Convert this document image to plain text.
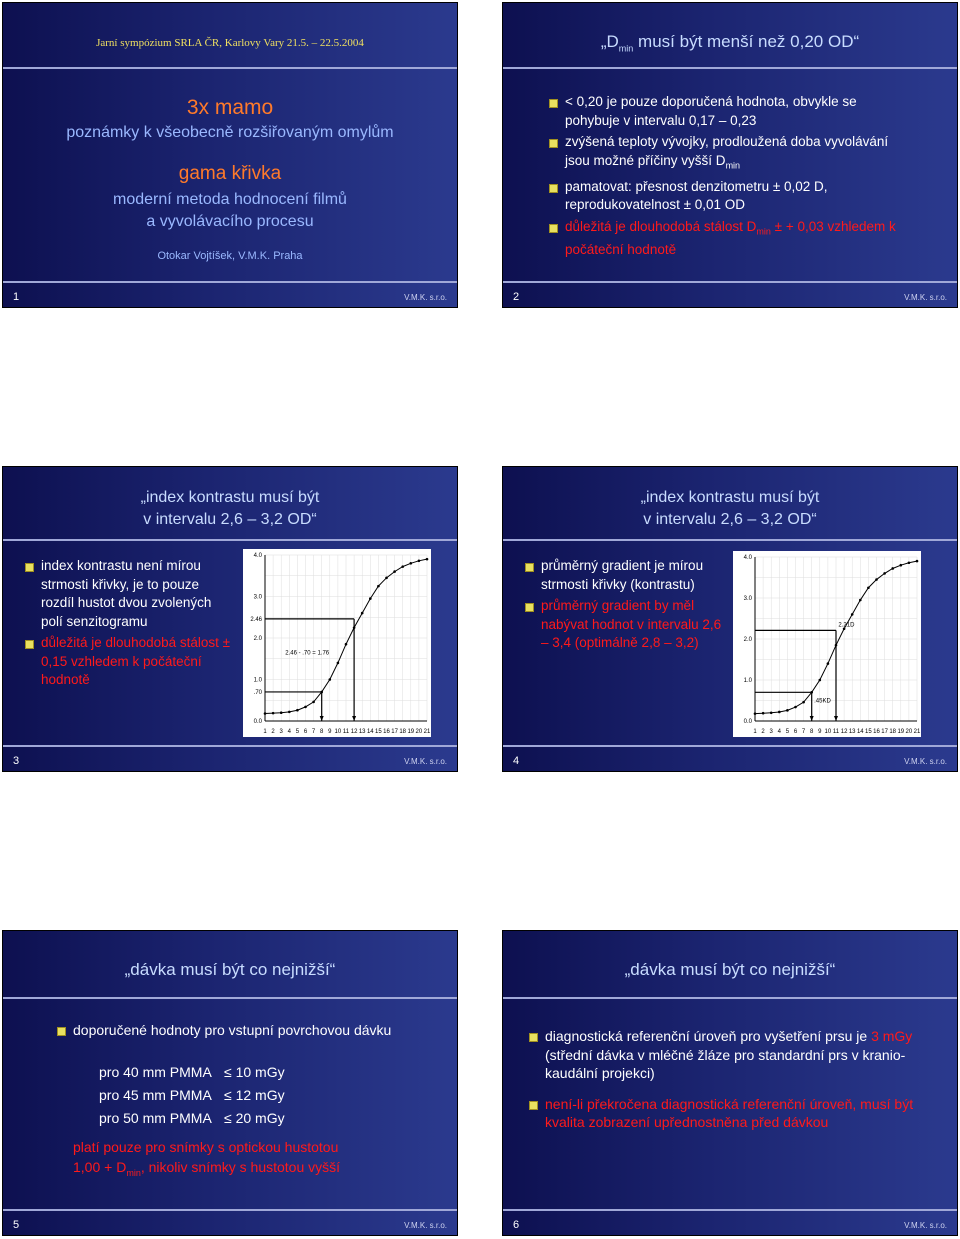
Jarní sympózium SRLA ČR, Karlovy Vary 21.5. – 22.5.2004
3x mamo
poznámky k všeobecně rozšiřovaným omylům
gama křivka
moderní metoda hodnocení filmů
a vyvolávacího procesu
Otokar Vojtíšek, V.M.K. Praha
1	V.M.K. s.r.o.
$„D_{min}$ musí být menší než 0,20 OD“
< 0,20 je pouze doporučená hodnota, obvykle se pohybuje v intervalu 0,17 – 0,23
zvýšená teploty vývojky, prodloužená doba vyvolávání jsou možné příčiny vyšší $D_{min}$
pamatovat: přesnost denzitometru ± 0,02 D, reprodukovatelnost ± 0,01 OD
důležitá je dlouhodobá stálost $D_{min}$ ± + 0,03 vzhledem k počáteční hodnotě
2	V.M.K. s.r.o.
„index kontrastu musí být
v intervalu 2,6 – 3,2 OD“
index kontrastu není mírou strmosti křivky, je to pouze rozdíl hustot dvou zvolených polí senzitogramu
důležitá je dlouhodobá stálost ± 0,15 vzhledem k počáteční hodnotě
1 2 3 4 5 6 7 8 9 10 11 12 13 14 15 16 17 18 19 20 21
0.0
1.0
2.0
3.0
4.0
.70
2.46
2.46 - .70 = 1.76
3	V.M.K. s.r.o.
„index kontrastu musí být
v intervalu 2,6 – 3,2 OD“
průměrný gradient je mírou strmosti křivky (kontrastu)
průměrný gradient by měl nabývat hodnot v intervalu 2,6 – 3,4 (optimálně 2,8 – 3,2)
1 2 3 4 5 6 7 8 9 10 11 12 13 14 15 16 17 18 19 20 21
0.0
1.0
2.0
3.0
4.0
2.21D
.45KD
4	V.M.K. s.r.o.
„dávka musí být co nejnižší“
doporučené hodnoty pro vstupní povrchovou dávku
pro 40 mm PMMA ≤ 10 mGy
pro 45 mm PMMA ≤ 12 mGy
pro 50 mm PMMA ≤ 20 mGy
platí pouze pro snímky s optickou hustotou
$1,00 + D_{min}$, nikoliv snímky s hustotou vyšší
5	V.M.K. s.r.o.
„dávka musí být co nejnižší“
diagnostická referenční úroveň pro vyšetření prsu je 3 mGy (střední dávka v mléčné žláze pro standardní prs v kranio-kaudální projekci)
není-li překročena diagnostická referenční úroveň, musí být kvalita zobrazení upřednostněna před dávkou
6	V.M.K. s.r.o.
